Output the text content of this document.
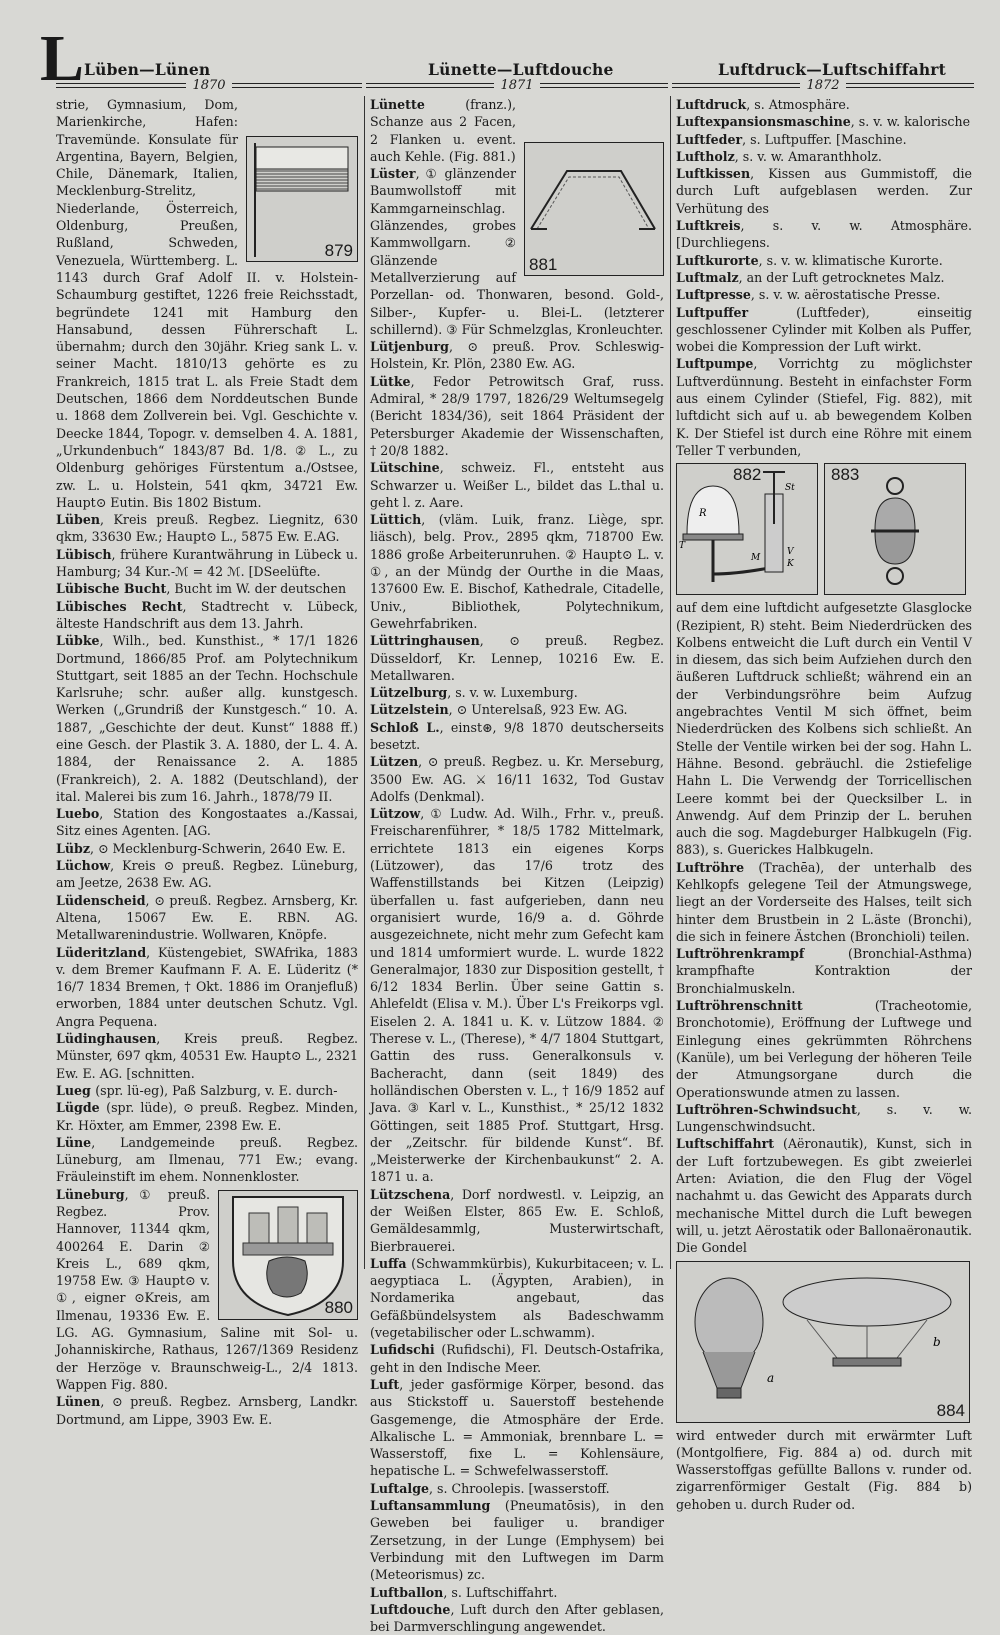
L Lüben—Lünen	Lünette—Luftdouche	Luftdruck—Luftschiffahrt
1870	1871	1872
879

strie, Gymnasium, Dom, Marienkirche, Hafen: Travemünde. Konsulate für Argentina, Bayern, Belgien, Chile, Dänemark, Italien, Mecklenburg-Strelitz, Niederlande, Österreich, Oldenburg, Preußen, Rußland, Schweden, Venezuela, Württemberg. L. 1143 durch Graf Adolf II. v. Holstein-Schaumburg gestiftet, 1226 freie Reichsstadt, begründete 1241 mit Hamburg den Hansabund, dessen Führerschaft L. übernahm; durch den 30jähr. Krieg sank L. v. seiner Macht. 1810/13 gehörte es zu Frankreich, 1815 trat L. als Freie Stadt dem Deutschen, 1866 dem Norddeutschen Bunde u. 1868 dem Zollverein bei. Vgl. Geschichte v. Deecke 1844, Topogr. v. demselben 4. A. 1881, „Urkundenbuch“ 1843/87 Bd. 1/8. ② L., zu Oldenburg gehöriges Fürstentum a./Ostsee, zw. L. u. Holstein, 541 qkm, 34721 Ew. Haupt⊙ Eutin. Bis 1802 Bistum.

Lüben, Kreis preuß. Regbez. Liegnitz, 630 qkm, 33630 Ew.; Haupt⊙ L., 5875 Ew. E.AG.

Lübisch, frühere Kurantwährung in Lübeck u. Hamburg; 34 Kur.-ℳ = 42 ℳ. [DSeelüfte.

Lübische Bucht, Bucht im W. der deutschen

Lübisches Recht, Stadtrecht v. Lübeck, älteste Handschrift aus dem 13. Jahrh.

Lübke, Wilh., bed. Kunsthist., * 17/1 1826 Dortmund, 1866/85 Prof. am Polytechnikum Stuttgart, seit 1885 an der Techn. Hochschule Karlsruhe; schr. außer allg. kunstgesch. Werken („Grundriß der Kunstgesch.“ 10. A. 1887, „Geschichte der deut. Kunst“ 1888 ff.) eine Gesch. der Plastik 3. A. 1880, der L. 4. A. 1884, der Renaissance 2. A. 1885 (Frankreich), 2. A. 1882 (Deutschland), der ital. Malerei bis zum 16. Jahrh., 1878/79 II.

Luebo, Station des Kongostaates a./Kassai, Sitz eines Agenten. [AG.

Lübz, ⊙ Mecklenburg-Schwerin, 2640 Ew. E.

Lüchow, Kreis ⊙ preuß. Regbez. Lüneburg, am Jeetze, 2638 Ew. AG.

Lüdenscheid, ⊙ preuß. Regbez. Arnsberg, Kr. Altena, 15067 Ew. E. RBN. AG. Metallwarenindustrie. Wollwaren, Knöpfe.

Lüderitzland, Küstengebiet, SWAfrika, 1883 v. dem Bremer Kaufmann F. A. E. Lüderitz (* 16/7 1834 Bremen, † Okt. 1886 im Oranjefluß) erworben, 1884 unter deutschen Schutz. Vgl. Angra Pequena.

Lüdinghausen, Kreis preuß. Regbez. Münster, 697 qkm, 40531 Ew. Haupt⊙ L., 2321 Ew. E. AG. [schnitten.

Lueg (spr. lü-eg), Paß Salzburg, v. E. durch-

Lügde (spr. lüde), ⊙ preuß. Regbez. Minden, Kr. Höxter, am Emmer, 2398 Ew. E.

Lüne, Landgemeinde preuß. Regbez. Lüneburg, am Ilmenau, 771 Ew.; evang. Fräuleinstift im ehem. Nonnenkloster.

880

Lüneburg, ① preuß. Regbez. Prov. Hannover, 11344 qkm, 400264 E. Darin ② Kreis L., 689 qkm, 19758 Ew. ③ Haupt⊙ v. ①, eigner ⊙Kreis, am Ilmenau, 19336 Ew. E. LG. AG. Gymnasium, Saline mit Sol- u. Johanniskirche, Rathaus, 1267/1369 Residenz der Herzöge v. Braunschweig-L., 2/4 1813. Wappen Fig. 880.

Lünen, ⊙ preuß. Regbez. Arnsberg, Landkr. Dortmund, am Lippe, 3903 Ew. E.

881

Lünette (franz.), Schanze aus 2 Facen, 2 Flanken u. event. auch Kehle. (Fig. 881.)

Lüster, ① glänzender Baumwollstoff mit Kammgarneinschlag. Glänzendes, grobes Kammwollgarn. ② Glänzende Metallverzierung auf Porzellan- od. Thonwaren, besond. Gold-, Silber-, Kupfer- u. Blei-L. (letzterer schillernd). ③ Für Schmelzglas, Kronleuchter.

Lütjenburg, ⊙ preuß. Prov. Schleswig-Holstein, Kr. Plön, 2380 Ew. AG.

Lütke, Fedor Petrowitsch Graf, russ. Admiral, * 28/9 1797, 1826/29 Weltumsegelg (Bericht 1834/36), seit 1864 Präsident der Petersburger Akademie der Wissenschaften, † 20/8 1882.

Lütschine, schweiz. Fl., entsteht aus Schwarzer u. Weißer L., bildet das L.thal u. geht l. z. Aare.

Lüttich, (vläm. Luik, franz. Liège, spr. liäsch), belg. Prov., 2895 qkm, 718700 Ew. 1886 große Arbeiterunruhen. ② Haupt⊙ L. v. ①, an der Mündg der Ourthe in die Maas, 137600 Ew. E. Bischof, Kathedrale, Citadelle, Univ., Bibliothek, Polytechnikum, Gewehrfabriken.

Lüttringhausen, ⊙ preuß. Regbez. Düsseldorf, Kr. Lennep, 10216 Ew. E. Metallwaren.

Lützelburg, s. v. w. Luxemburg.

Lützelstein, ⊙ Unterelsaß, 923 Ew. AG.

Schloß L., einst⊛, 9/8 1870 deutscherseits besetzt.

Lützen, ⊙ preuß. Regbez. u. Kr. Merseburg, 3500 Ew. AG. ⚔ 16/11 1632, Tod Gustav Adolfs (Denkmal).

Lützow, ① Ludw. Ad. Wilh., Frhr. v., preuß. Freischarenführer, * 18/5 1782 Mittelmark, errichtete 1813 ein eigenes Korps (Lützower), das 17/6 trotz des Waffenstillstands bei Kitzen (Leipzig) überfallen u. fast aufgerieben, dann neu organisiert wurde, 16/9 a. d. Göhrde ausgezeichnete, nicht mehr zum Gefecht kam und 1814 umformiert wurde. L. wurde 1822 Generalmajor, 1830 zur Disposition gestellt, † 6/12 1834 Berlin. Über seine Gattin s. Ahlefeldt (Elisa v. M.). Über L's Freikorps vgl. Eiselen 2. A. 1841 u. K. v. Lützow 1884. ② Therese v. L., (Therese), * 4/7 1804 Stuttgart, Gattin des russ. Generalkonsuls v. Bacheracht, dann (seit 1849) des holländischen Obersten v. L., † 16/9 1852 auf Java. ③ Karl v. L., Kunsthist., * 25/12 1832 Göttingen, seit 1885 Prof. Stuttgart, Hrsg. der „Zeitschr. für bildende Kunst“. Bf. „Meisterwerke der Kirchenbaukunst“ 2. A. 1871 u. a.

Lützschena, Dorf nordwestl. v. Leipzig, an der Weißen Elster, 865 Ew. E. Schloß, Gemäldesammlg, Musterwirtschaft, Bierbrauerei.

Luffa (Schwammkürbis), Kukurbitaceen; v. L. aegyptiaca L. (Ägypten, Arabien), in Nordamerika angebaut, das Gefäßbündelsystem als Badeschwamm (vegetabilischer oder L.schwamm).

Lufidschi (Rufidschi), Fl. Deutsch-Ostafrika, geht in den Indische Meer.

Luft, jeder gasförmige Körper, besond. das aus Stickstoff u. Sauerstoff bestehende Gasgemenge, die Atmosphäre der Erde. Alkalische L. = Ammoniak, brennbare L. = Wasserstoff, fixe L. = Kohlensäure, hepatische L. = Schwefelwasserstoff.

Luftalge, s. Chroolepis. [wasserstoff.

Luftansammlung (Pneumatōsis), in den Geweben bei fauliger u. brandiger Zersetzung, in der Lunge (Emphysem) bei Verbindung mit den Luftwegen im Darm (Meteorismus) zc.

Luftballon, s. Luftschiffahrt.

Luftdouche, Luft durch den After geblasen, bei Darmverschlingung angewendet.

Luftdruck, s. Atmosphäre.

Luftexpansionsmaschine, s. v. w. kalorische

Luftfeder, s. Luftpuffer. [Maschine.

Luftholz, s. v. w. Amaranthholz.

Luftkissen, Kissen aus Gummistoff, die durch Luft aufgeblasen werden. Zur Verhütung des

Luftkreis, s. v. w. Atmosphäre. [Durchliegens.

Luftkurorte, s. v. w. klimatische Kurorte.

Luftmalz, an der Luft getrocknetes Malz.

Luftpresse, s. v. w. aërostatische Presse.

Luftpuffer (Luftfeder), einseitig geschlossener Cylinder mit Kolben als Puffer, wobei die Kompression der Luft wirkt.

Luftpumpe, Vorrichtg zu möglichster Luftverdünnung. Besteht in einfachster Form aus einem Cylinder (Stiefel, Fig. 882), mit luftdicht sich auf u. ab bewegendem Kolben K. Der Stiefel ist durch eine Röhre mit einem Teller T verbunden,

R
St
M
V
K
T
882	883

auf dem eine luftdicht aufgesetzte Glasglocke (Rezipient, R) steht. Beim Niederdrücken des Kolbens entweicht die Luft durch ein Ventil V in diesem, das sich beim Aufziehen durch den äußeren Luftdruck schließt; während ein an der Verbindungsröhre beim Aufzug angebrachtes Ventil M sich öffnet, beim Niederdrücken des Kolbens sich schließt. An Stelle der Ventile wirken bei der sog. Hahn L. Hähne. Besond. gebräuchl. die 2stiefelige Hahn L. Die Verwendg der Torricellischen Leere kommt bei der Quecksilber L. in Anwendg. Auf dem Prinzip der L. beruhen auch die sog. Magdeburger Halbkugeln (Fig. 883), s. Guerickes Halbkugeln.

Luftröhre (Trachēa), der unterhalb des Kehlkopfs gelegene Teil der Atmungswege, liegt an der Vorderseite des Halses, teilt sich hinter dem Brustbein in 2 L.äste (Bronchi), die sich in feinere Ästchen (Bronchioli) teilen.

Luftröhrenkrampf (Bronchial-Asthma) krampfhafte Kontraktion der Bronchialmuskeln.

Luftröhrenschnitt (Tracheotomie, Bronchotomie), Eröffnung der Luftwege und Einlegung eines gekrümmten Röhrchens (Kanüle), um bei Verlegung der höheren Teile der Atmungsorgane durch die Operationswunde atmen zu lassen.

Luftröhren-Schwindsucht, s. v. w. Lungenschwindsucht.

Luftschiffahrt (Aëronautik), Kunst, sich in der Luft fortzubewegen. Es gibt zweierlei Arten: Aviation, die den Flug der Vögel nachahmt u. das Gewicht des Apparats durch mechanische Mittel durch die Luft bewegen will, u. jetzt Aërostatik oder Ballonaëronautik. Die Gondel

a
b
884

wird entweder durch mit erwärmter Luft (Montgolfiere, Fig. 884 a) od. durch mit Wasserstoffgas gefüllte Ballons v. runder od. zigarrenförmiger Gestalt (Fig. 884 b) gehoben u. durch Ruder od.
